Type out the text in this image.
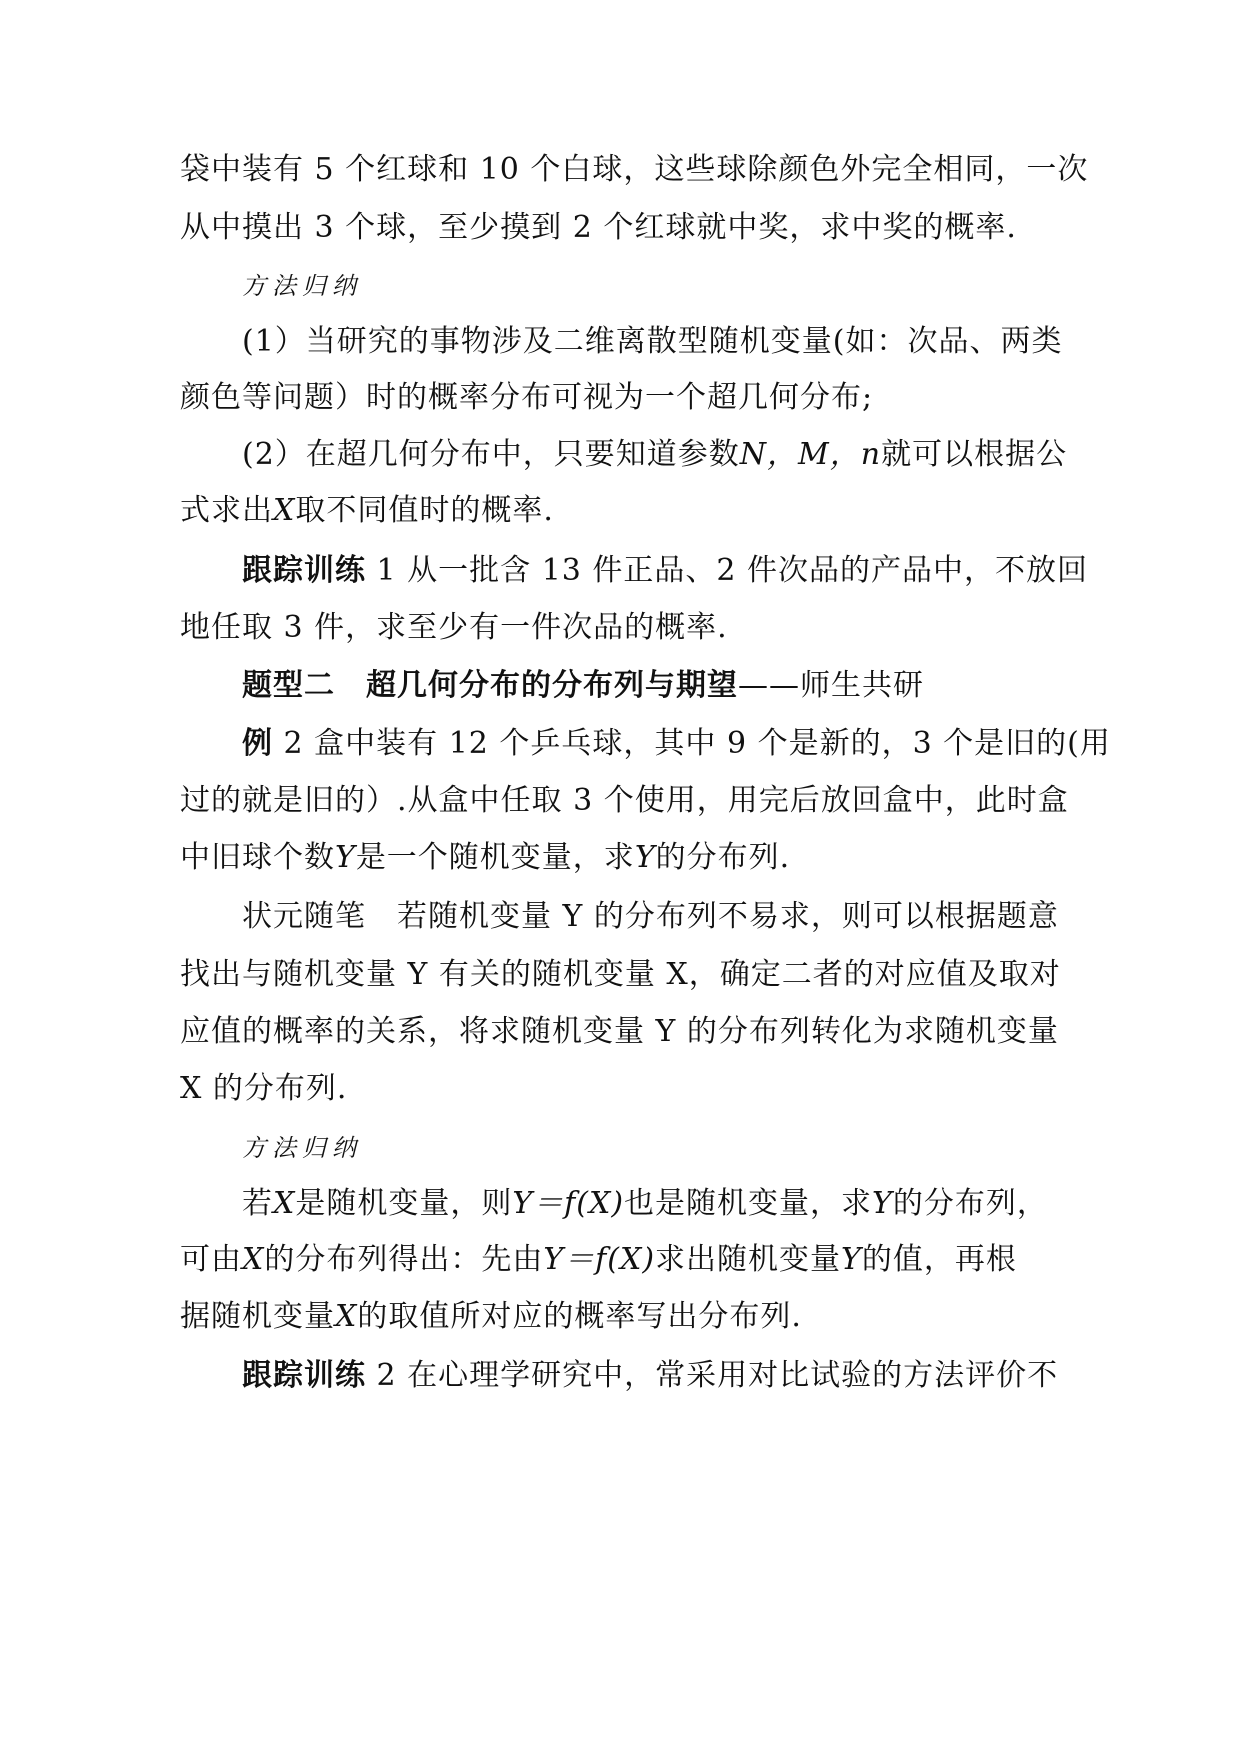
袋中装有 5 个红球和 10 个白球，这些球除颜色外完全相同，一次
从中摸出 3 个球，至少摸到 2 个红球就中奖，求中奖的概率.
方法归纳
(1）当研究的事物涉及二维离散型随机变量(如：次品、两类
颜色等问题）时的概率分布可视为一个超几何分布;
(2）在超几何分布中，只要知道参数N，M，n就可以根据公
式求出X取不同值时的概率.
跟踪训练 1 从一批含 13 件正品、2 件次品的产品中，不放回
地任取 3 件，求至少有一件次品的概率.
题型二　超几何分布的分布列与期望——师生共研
例 2 盒中装有 12 个乒乓球，其中 9 个是新的，3 个是旧的(用
过的就是旧的）.从盒中任取 3 个使用，用完后放回盒中，此时盒
中旧球个数Y是一个随机变量，求Y的分布列.
状元随笔　若随机变量 Y 的分布列不易求，则可以根据题意
找出与随机变量 Y 有关的随机变量 X，确定二者的对应值及取对
应值的概率的关系，将求随机变量 Y 的分布列转化为求随机变量
X 的分布列.
方法归纳
若X是随机变量，则Y＝f(X)也是随机变量，求Y的分布列，
可由X的分布列得出：先由Y＝f(X)求出随机变量Y的值，再根
据随机变量X的取值所对应的概率写出分布列.
跟踪训练 2 在心理学研究中，常采用对比试验的方法评价不
